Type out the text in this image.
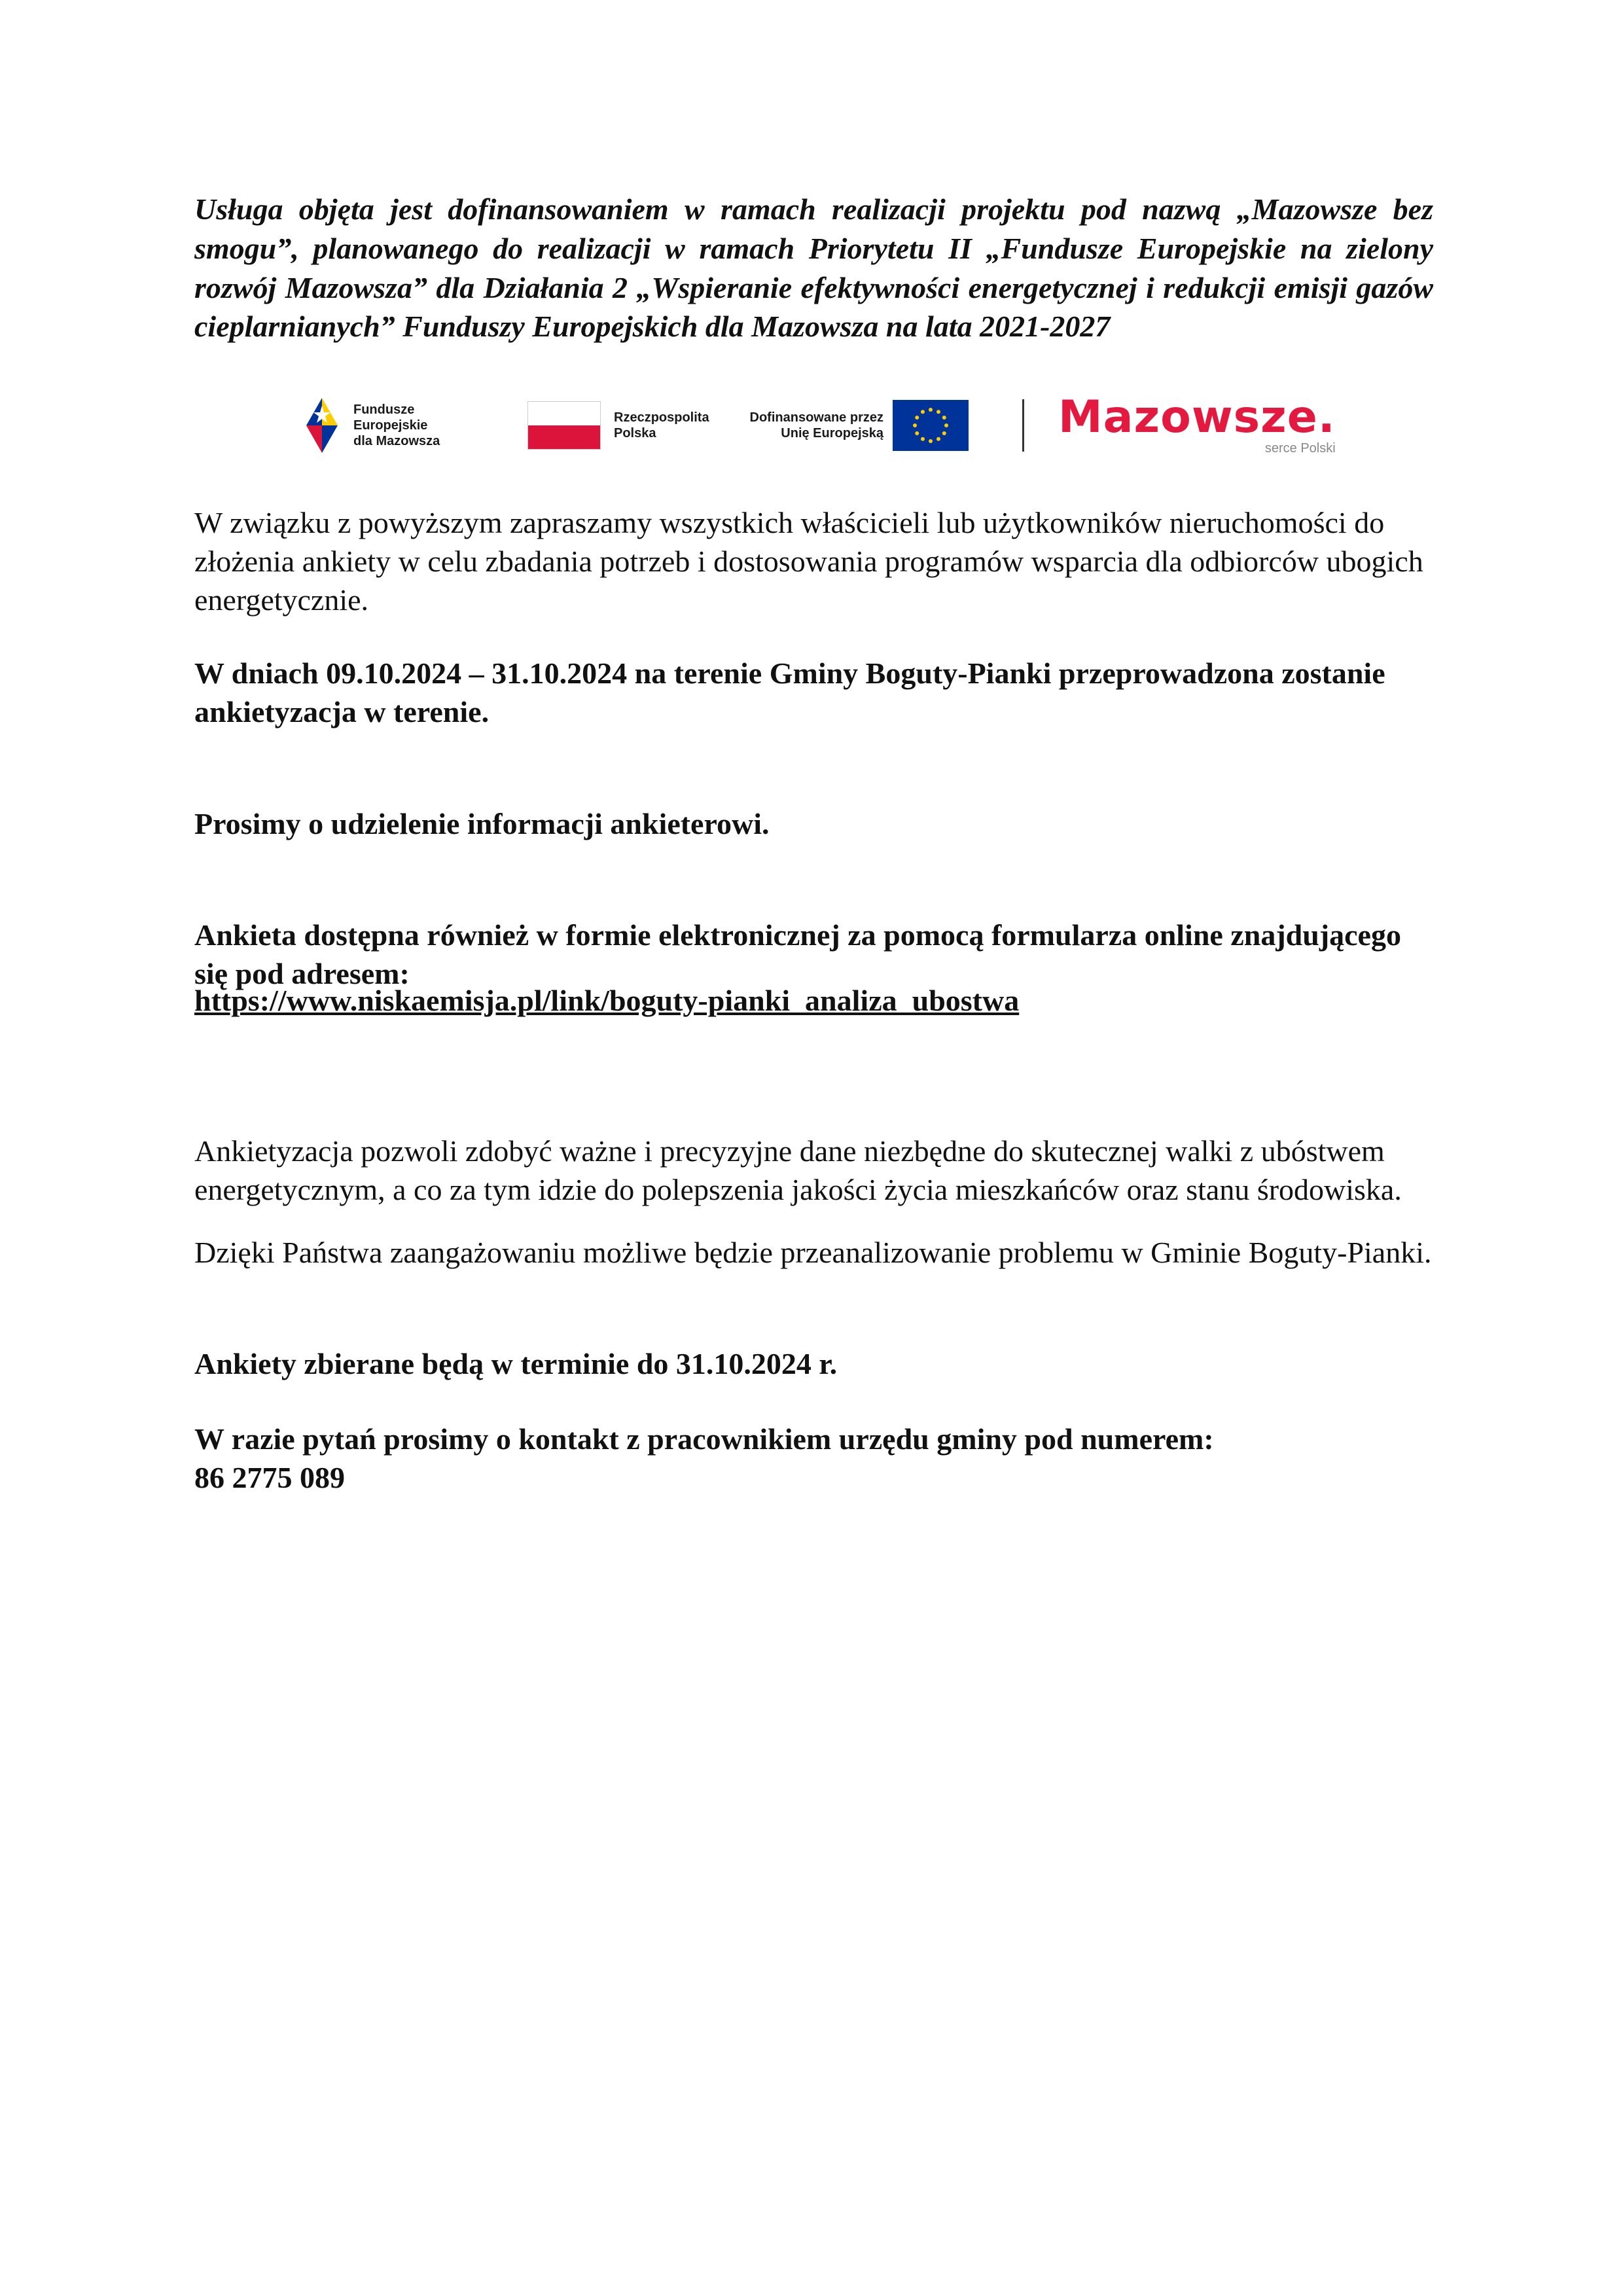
Usługa objęta jest dofinansowaniem w ramach realizacji projektu pod nazwą „Mazowsze bez smogu”, planowanego do realizacji w ramach Priorytetu II „Fundusze Europejskie na zielony rozwój Mazowsza” dla Działania 2 „Wspieranie efektywności energetycznej i redukcji emisji gazów cieplarnianych” Funduszy Europejskich dla Mazowsza na lata 2021-2027

Fundusze Europejskie
dla Mazowsza
Rzeczpospolita
Polska
Dofinansowane przez
Unię Europejską	Mazowsze.
serce Polski

W związku z powyższym zapraszamy wszystkich właścicieli lub użytkowników nieruchomości do złożenia ankiety w celu zbadania potrzeb i dostosowania programów wsparcia dla odbiorców ubogich energetycznie.

W dniach 09.10.2024 – 31.10.2024 na terenie Gminy Boguty-Pianki przeprowadzona zostanie ankietyzacja w terenie.

Prosimy o udzielenie informacji ankieterowi.

Ankieta dostępna również w formie elektronicznej za pomocą formularza online znajdującego się pod adresem:

https://www.niskaemisja.pl/link/boguty-pianki_analiza_ubostwa

Ankietyzacja pozwoli zdobyć ważne i precyzyjne dane niezbędne do skutecznej walki z ubóstwem energetycznym, a co za tym idzie do polepszenia jakości życia mieszkańców oraz stanu środowiska.

Dzięki Państwa zaangażowaniu możliwe będzie przeanalizowanie problemu w Gminie Boguty-Pianki.

Ankiety zbierane będą w terminie do 31.10.2024 r.

W razie pytań prosimy o kontakt z pracownikiem urzędu gminy pod numerem:
86 2775 089
